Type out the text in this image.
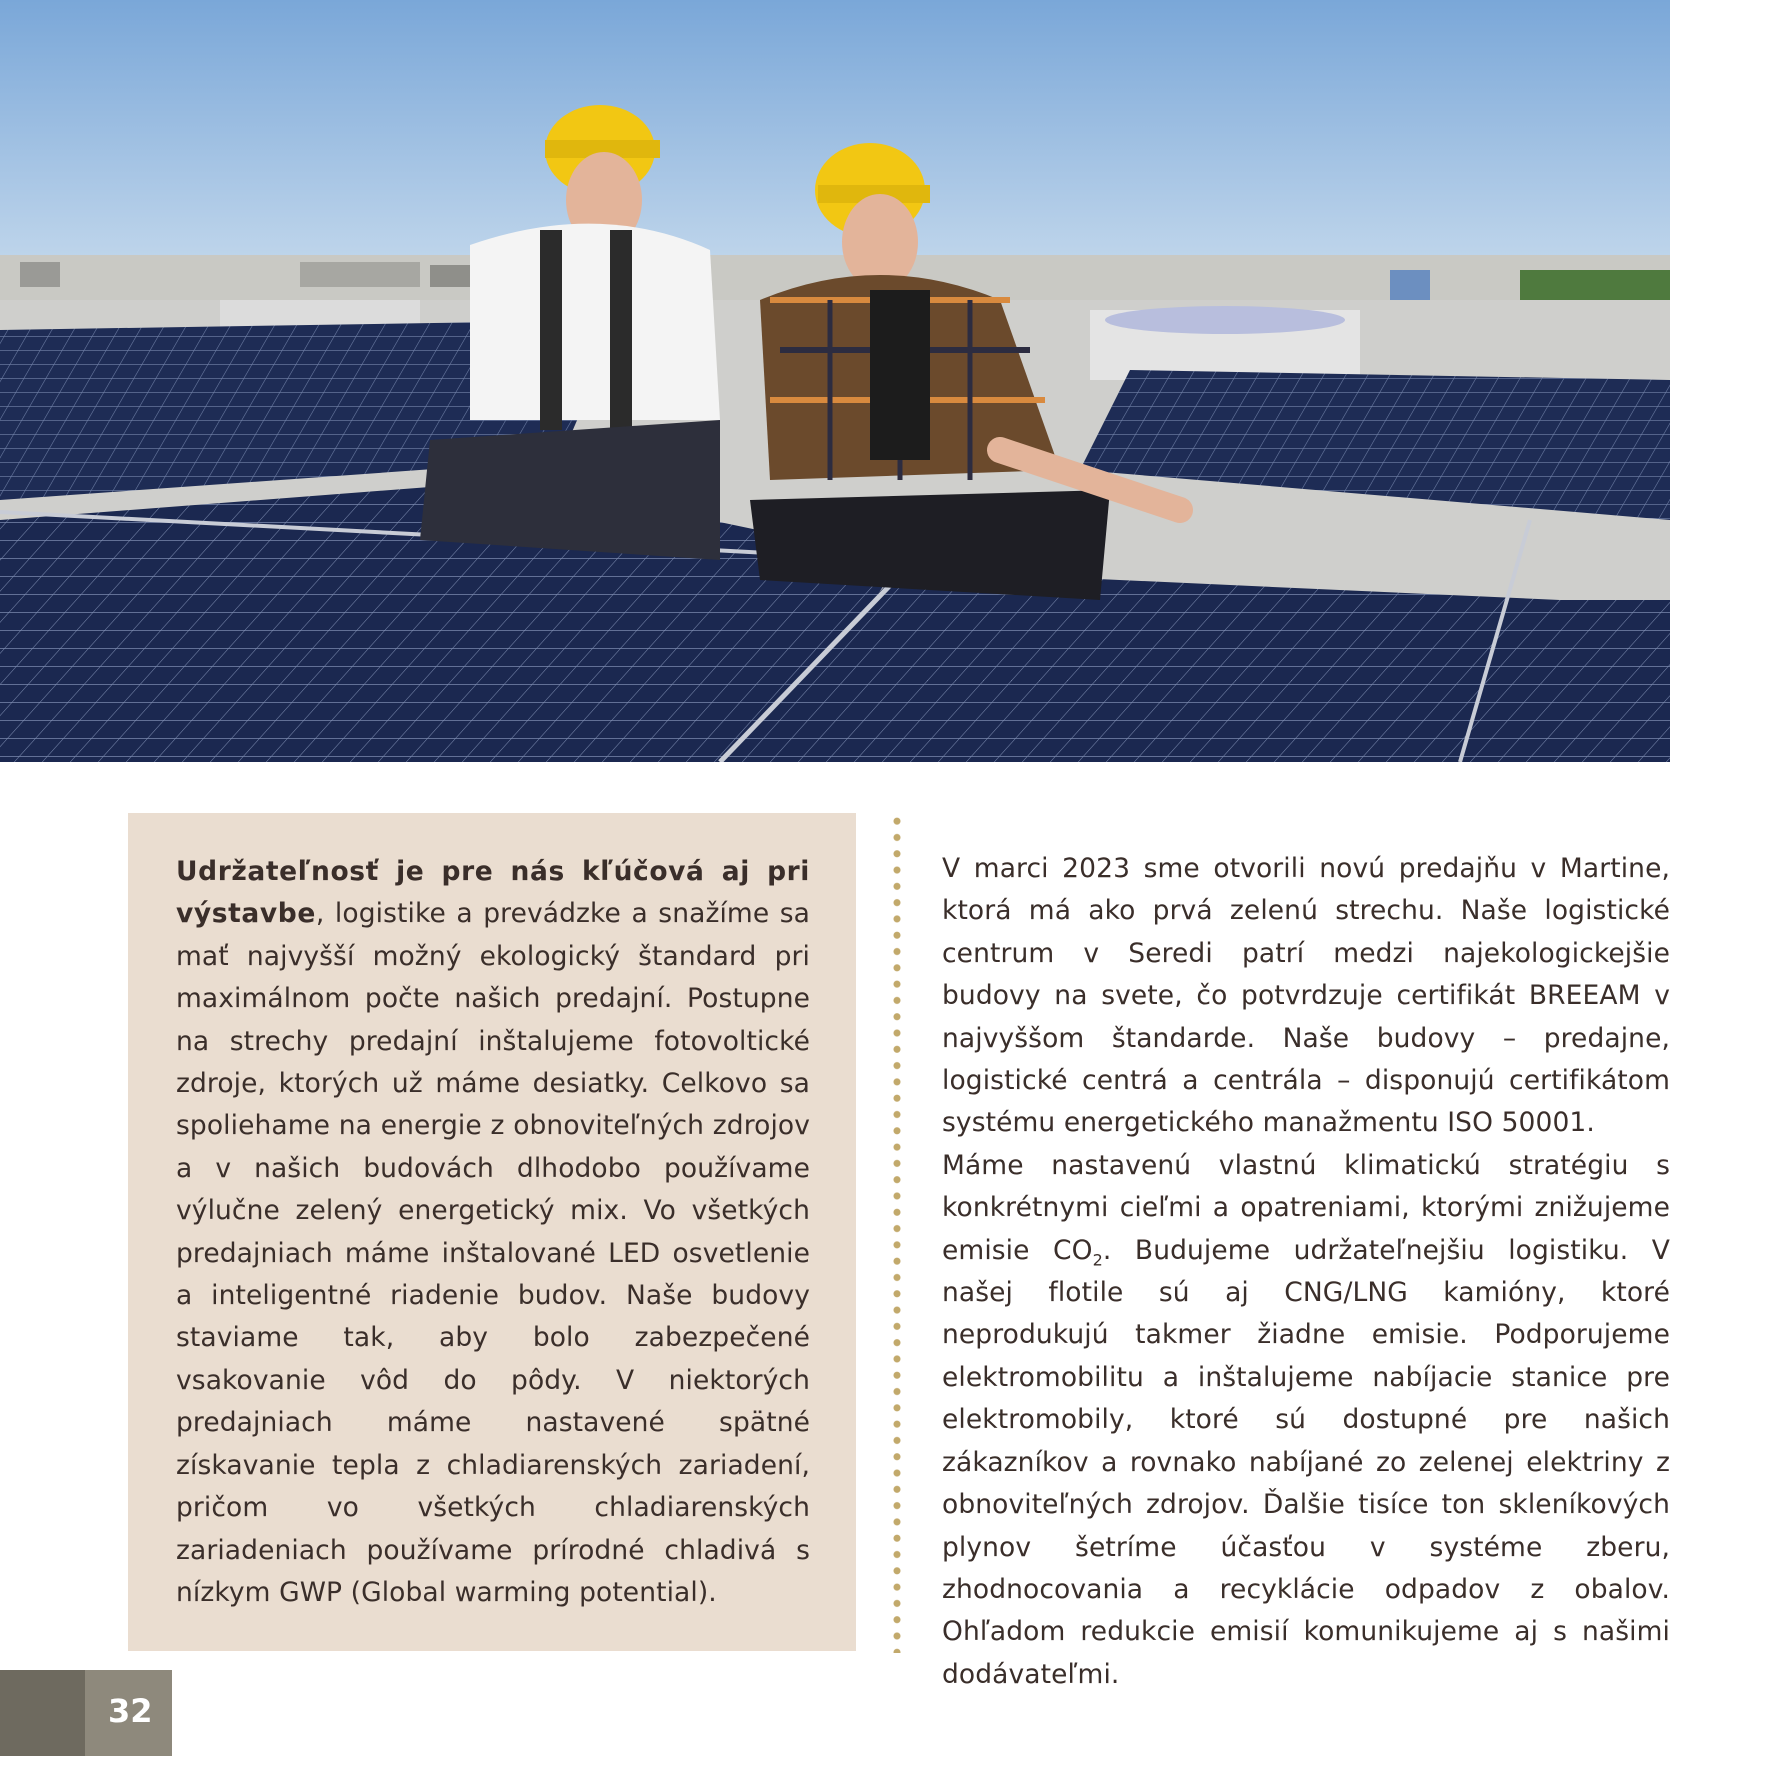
Udržateľnosť je pre nás kľúčová aj pri výstavbe, logistike a prevádzke a snažíme sa mať najvyšší možný ekologický štandard pri maximálnom počte našich predajní. Postupne na strechy predajní inštalujeme fotovoltické zdroje, ktorých už máme desiatky. Celkovo sa spoliehame na energie z obnoviteľných zdrojov a v našich budovách dlhodobo používame výlučne zelený energetický mix. Vo všetkých predajniach máme inštalované LED osvetlenie a inteligentné riadenie budov. Naše budovy staviame tak, aby bolo zabezpečené vsakovanie vôd do pôdy. V niektorých predajniach máme nastavené spätné získavanie tepla z chladiarenských zariadení, pričom vo všetkých chladiarenských zariadeniach používame prírodné chladivá s nízkym GWP (Global warming potential).

V marci 2023 sme otvorili novú predajňu v Martine, ktorá má ako prvá zelenú strechu. Naše logistické centrum v Seredi patrí medzi najekologickejšie budovy na svete, čo potvrdzuje certifikát BREEAM v najvyššom štandarde. Naše budovy – predajne, logistické centrá a centrála – disponujú certifikátom systému energetického manažmentu ISO 50001.

Máme nastavenú vlastnú klimatickú stratégiu s konkrétnymi cieľmi a opatreniami, ktorými znižujeme emisie $CO_2$. Budujeme udržateľnejšiu logistiku. V našej flotile sú aj CNG/LNG kamióny, ktoré neprodukujú takmer žiadne emisie. Podporujeme elektromobilitu a inštalujeme nabíjacie stanice pre elektromobily, ktoré sú dostupné pre našich zákazníkov a rovnako nabíjané zo zelenej elektriny z obnoviteľných zdrojov. Ďalšie tisíce ton skleníkových plynov šetríme účasťou v systéme zberu, zhodnocovania a recyklácie odpadov z obalov. Ohľadom redukcie emisií komunikujeme aj s našimi dodávateľmi.

32
